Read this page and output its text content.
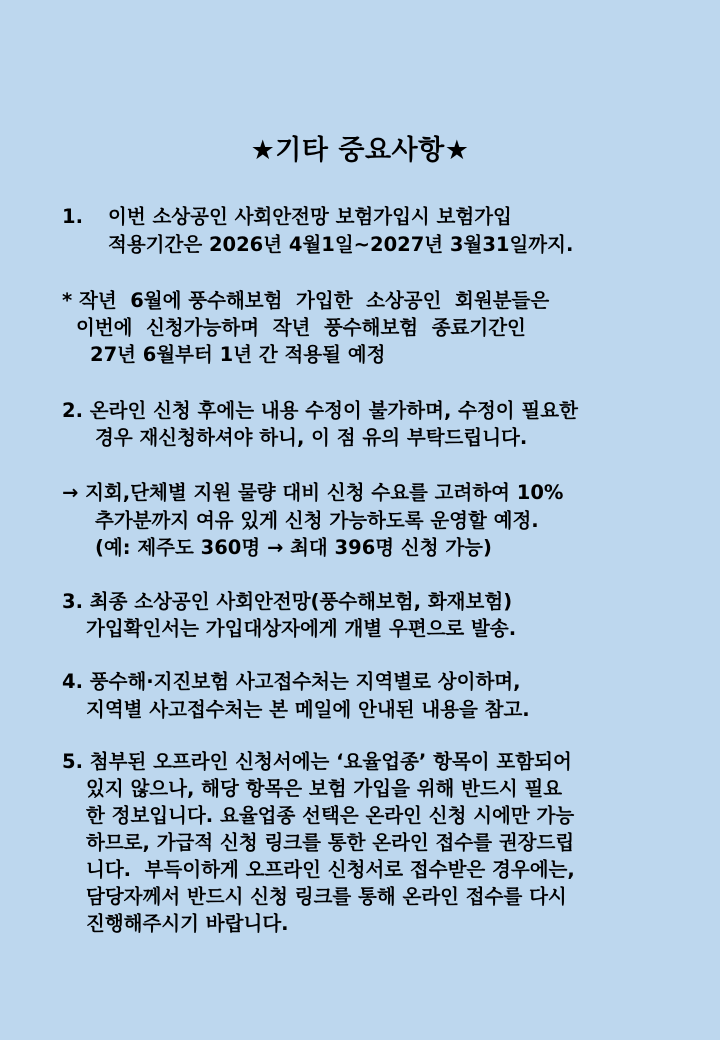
★기타 중요사항★
1. 이번 소상공인 사회안전망 보험가입시 보험가입
적용기간은 2026년 4월1일~2027년 3월31일까지.
* 작년  6월에 풍수해보험  가입한  소상공인  회원분들은
이번에  신청가능하며  작년  풍수해보험  종료기간인
27년 6월부터 1년 간 적용될 예정
2. 온라인 신청 후에는 내용 수정이 불가하며, 수정이 필요한
경우 재신청하셔야 하니, 이 점 유의 부탁드립니다.
→ 지회,단체별 지원 물량 대비 신청 수요를 고려하여 10%
추가분까지 여유 있게 신청 가능하도록 운영할 예정.
(예: 제주도 360명 → 최대 396명 신청 가능)
3. 최종 소상공인 사회안전망(풍수해보험, 화재보험)
가입확인서는 가입대상자에게 개별 우편으로 발송.
4. 풍수해·지진보험 사고접수처는 지역별로 상이하며,
지역별 사고접수처는 본 메일에 안내된 내용을 참고.
5. 첨부된 오프라인 신청서에는 ‘요율업종’ 항목이 포함되어
있지 않으나, 해당 항목은 보험 가입을 위해 반드시 필요
한 정보입니다. 요율업종 선택은 온라인 신청 시에만 가능
하므로, 가급적 신청 링크를 통한 온라인 접수를 권장드립
니다.  부득이하게 오프라인 신청서로 접수받은 경우에는,
담당자께서 반드시 신청 링크를 통해 온라인 접수를 다시
진행해주시기 바랍니다.
